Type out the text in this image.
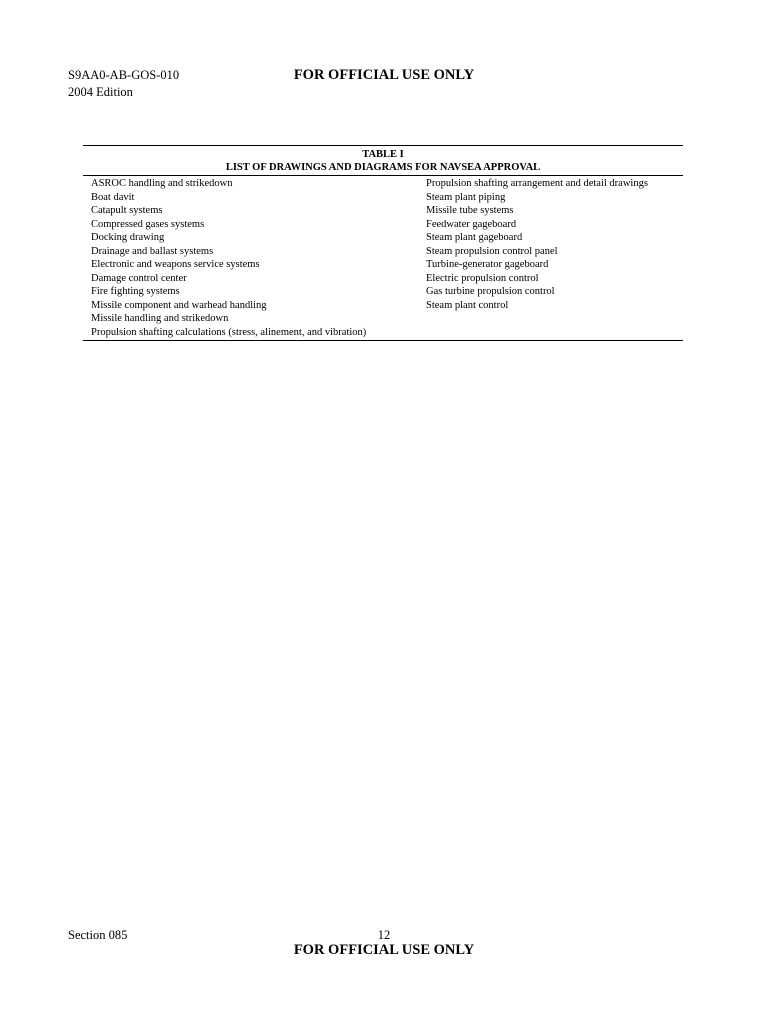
S9AA0-AB-GOS-010
2004 Edition
FOR OFFICIAL USE ONLY
TABLE I
LIST OF DRAWINGS AND DIAGRAMS FOR NAVSEA APPROVAL
ASROC handling and strikedown
Boat davit
Catapult systems
Compressed gases systems
Docking drawing
Drainage and ballast systems
Electronic and weapons service systems
Damage control center
Fire fighting systems
Missile component and warhead handling
Missile handling and strikedown
Propulsion shafting calculations (stress, alinement, and vibration)
Propulsion shafting arrangement and detail drawings
Steam plant piping
Missile tube systems
Feedwater gageboard
Steam plant gageboard
Steam propulsion control panel
Turbine-generator gageboard
Electric propulsion control
Gas turbine propulsion control
Steam plant control
Section 085	12
FOR OFFICIAL USE ONLY
